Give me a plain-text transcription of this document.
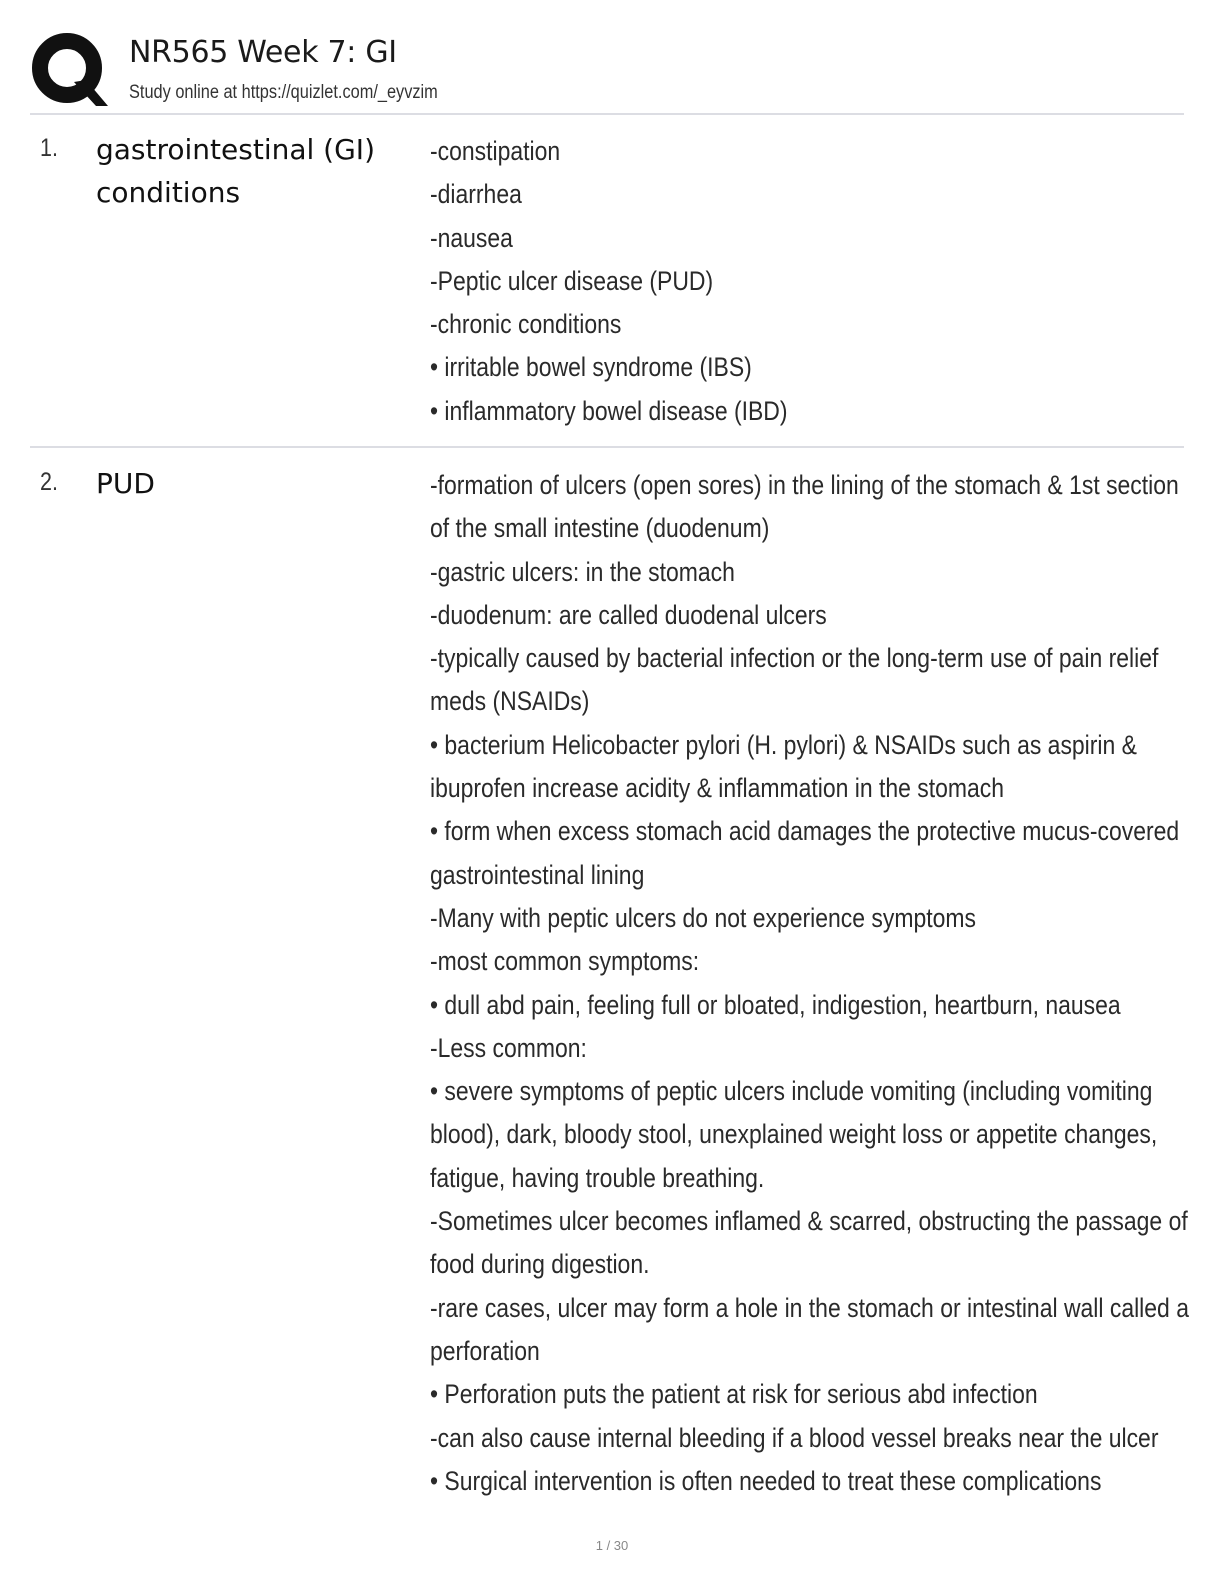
NR565 Week 7: GI
Study online at https://quizlet.com/_eyvzim
1. gastrointestinal (GI) conditions
-constipation
-diarrhea
-nausea
-Peptic ulcer disease (PUD)
-chronic conditions
• irritable bowel syndrome (IBS)
• inflammatory bowel disease (IBD)
2. PUD	-formation of ulcers (open sores) in the lining of the stomach & 1st section
of the small intestine (duodenum)
-gastric ulcers: in the stomach
-duodenum: are called duodenal ulcers
-typically caused by bacterial infection or the long-term use of pain relief
meds (NSAIDs)
• bacterium Helicobacter pylori (H. pylori) & NSAIDs such as aspirin &
ibuprofen increase acidity & inflammation in the stomach
• form when excess stomach acid damages the protective mucus-covered
gastrointestinal lining
-Many with peptic ulcers do not experience symptoms
-most common symptoms:
• dull abd pain, feeling full or bloated, indigestion, heartburn, nausea
-Less common:
• severe symptoms of peptic ulcers include vomiting (including vomiting
blood), dark, bloody stool, unexplained weight loss or appetite changes,
fatigue, having trouble breathing.
-Sometimes ulcer becomes inflamed & scarred, obstructing the passage of
food during digestion.
-rare cases, ulcer may form a hole in the stomach or intestinal wall called a
perforation
• Perforation puts the patient at risk for serious abd infection
-can also cause internal bleeding if a blood vessel breaks near the ulcer
• Surgical intervention is often needed to treat these complications
1 / 30
